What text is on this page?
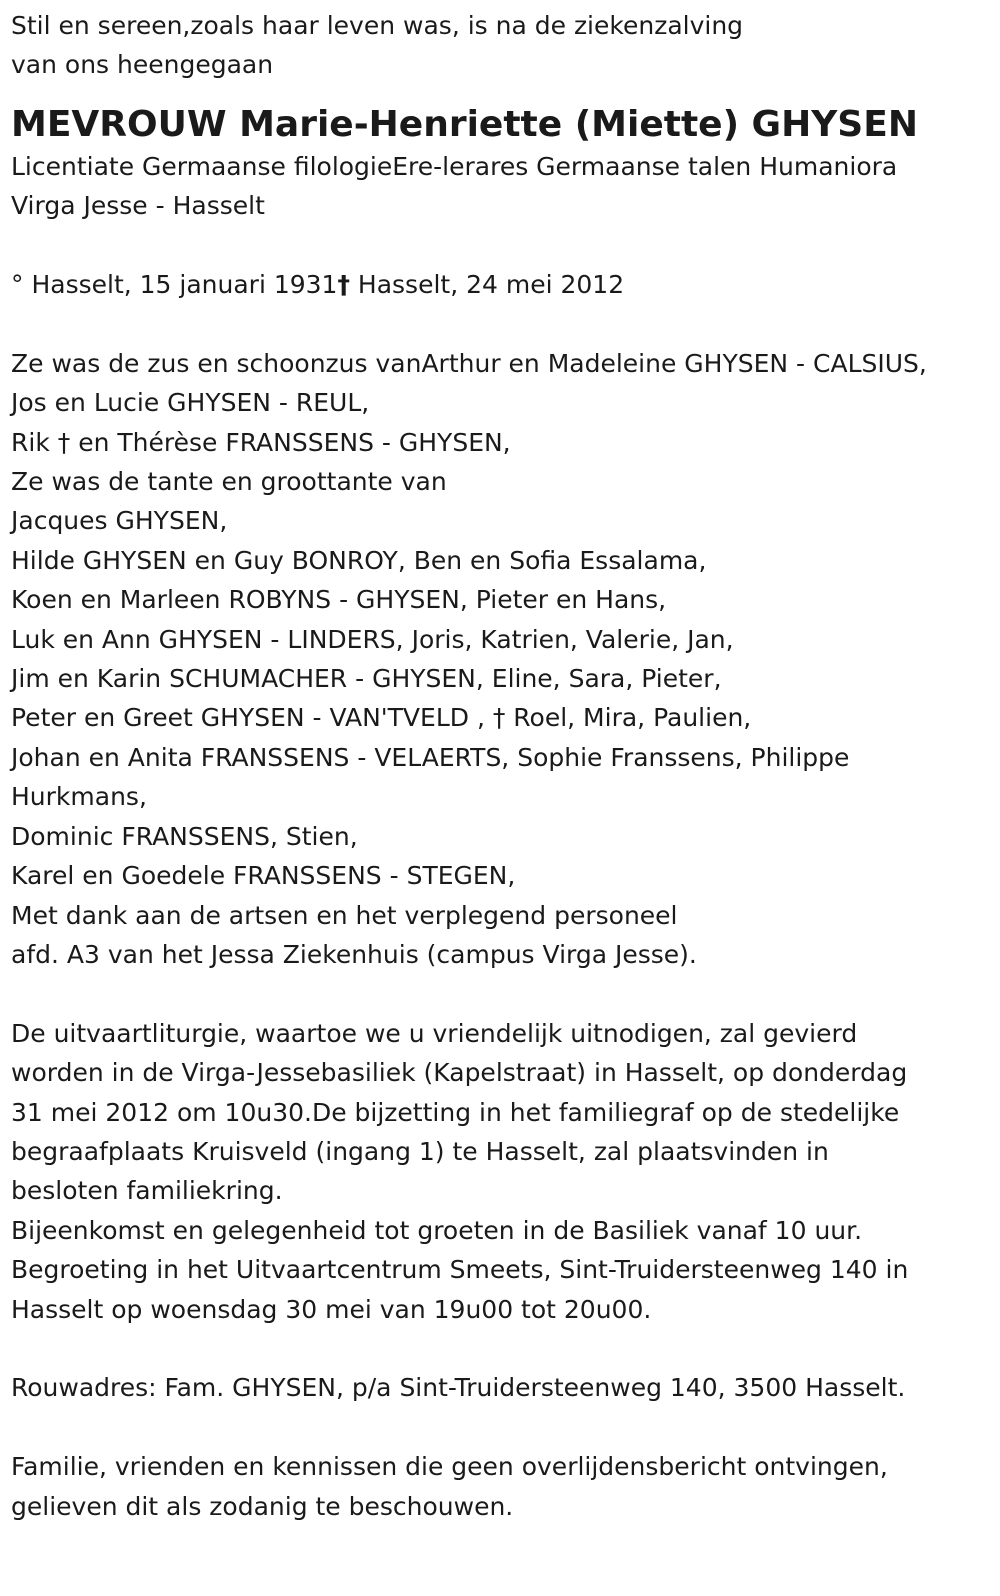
Stil en sereen,zoals haar leven was, is na de ziekenzalving
van ons heengegaan
MEVROUW Marie-Henriette (Miette) GHYSEN
Licentiate Germaanse filologieEre-lerares Germaanse talen Humaniora
Virga Jesse - Hasselt
° Hasselt, 15 januari 1931† Hasselt, 24 mei 2012
Ze was de zus en schoonzus vanArthur en Madeleine GHYSEN - CALSIUS,
Jos en Lucie GHYSEN - REUL,
Rik † en Thérèse FRANSSENS - GHYSEN,
Ze was de tante en groottante van
Jacques GHYSEN,
Hilde GHYSEN en Guy BONROY, Ben en Sofia Essalama,
Koen en Marleen ROBYNS - GHYSEN, Pieter en Hans,
Luk en Ann GHYSEN - LINDERS, Joris, Katrien, Valerie, Jan,
Jim en Karin SCHUMACHER - GHYSEN, Eline, Sara, Pieter,
Peter en Greet GHYSEN - VAN'TVELD , † Roel, Mira, Paulien,
Johan en Anita FRANSSENS - VELAERTS, Sophie Franssens, Philippe
Hurkmans,
Dominic FRANSSENS, Stien,
Karel en Goedele FRANSSENS - STEGEN,
Met dank aan de artsen en het verplegend personeel
afd. A3 van het Jessa Ziekenhuis (campus Virga Jesse).
De uitvaartliturgie, waartoe we u vriendelijk uitnodigen, zal gevierd
worden in de Virga-Jessebasiliek (Kapelstraat) in Hasselt, op donderdag
31 mei 2012 om 10u30.De bijzetting in het familiegraf op de stedelijke
begraafplaats Kruisveld (ingang 1) te Hasselt, zal plaatsvinden in
besloten familiekring.
Bijeenkomst en gelegenheid tot groeten in de Basiliek vanaf 10 uur.
Begroeting in het Uitvaartcentrum Smeets, Sint-Truidersteenweg 140 in
Hasselt op woensdag 30 mei van 19u00 tot 20u00.
Rouwadres: Fam. GHYSEN, p/a Sint-Truidersteenweg 140, 3500 Hasselt.
Familie, vrienden en kennissen die geen overlijdensbericht ontvingen,
gelieven dit als zodanig te beschouwen.
